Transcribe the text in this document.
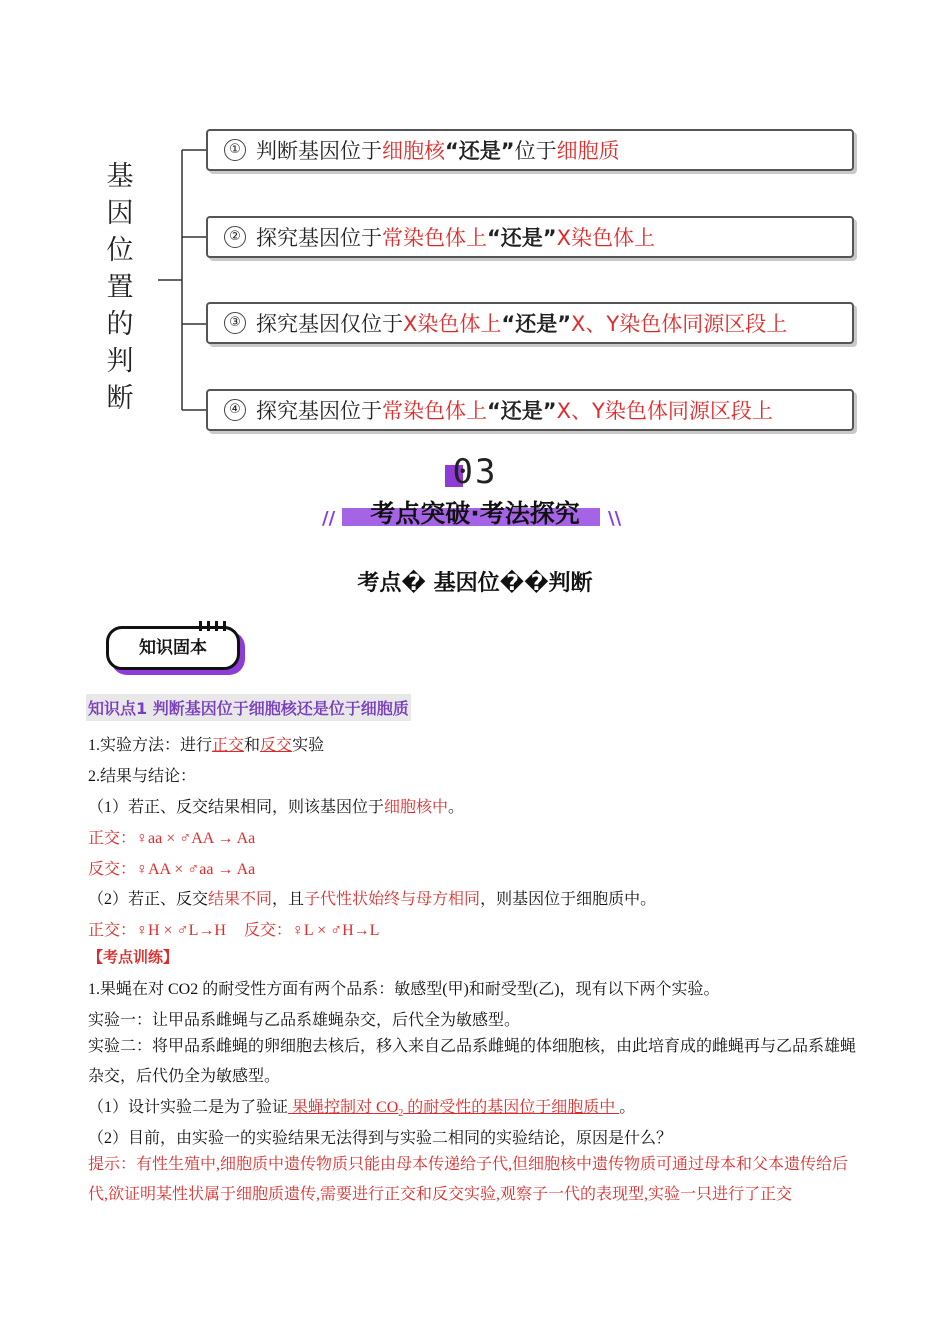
基
因
位
置
的
判
断
① 判断基因位于 细胞核 “还是” 位于 细胞质
② 探究基因位于 常染色体上 “还是” X染色体上
③ 探究基因仅位于 X染色体上 “还是” X、Y染色体同源区段上
④ 探究基因位于 常染色体上 “还是” X、Y染色体同源区段上
03
//	考点突破·考法探究	\\
考点� 基因位��判断
知识固本
知识点1 判断基因位于细胞核还是位于细胞质
1.实验方法：进行正交和反交实验
2.结果与结论：
（1）若正、反交结果相同，则该基因位于细胞核中。
正交：♀aa × ♂AA → Aa
反交：♀AA × ♂aa → Aa
（2）若正、反交结果不同，且子代性状始终与母方相同，则基因位于细胞质中。
正交：♀H × ♂L→H 反交：♀L × ♂H→L
【考点训练】
1.果蝇在对 CO2 的耐受性方面有两个品系：敏感型(甲)和耐受型(乙)，现有以下两个实验。
实验一：让甲品系雌蝇与乙品系雄蝇杂交，后代全为敏感型。
实验二：将甲品系雌蝇的卵细胞去核后，移入来自乙品系雌蝇的体细胞核，由此培育成的雌蝇再与乙品系雄蝇杂交，后代仍全为敏感型。
（1）设计实验二是为了验证 果蝇控制对 $CO_2$ 的耐受性的基因位于细胞质中 。
（2）目前，由实验一的实验结果无法得到与实验二相同的实验结论，原因是什么？
提示：有性生殖中,细胞质中遗传物质只能由母本传递给子代,但细胞核中遗传物质可通过母本和父本遗传给后代,欲证明某性状属于细胞质遗传,需要进行正交和反交实验,观察子一代的表现型,实验一只进行了正交
